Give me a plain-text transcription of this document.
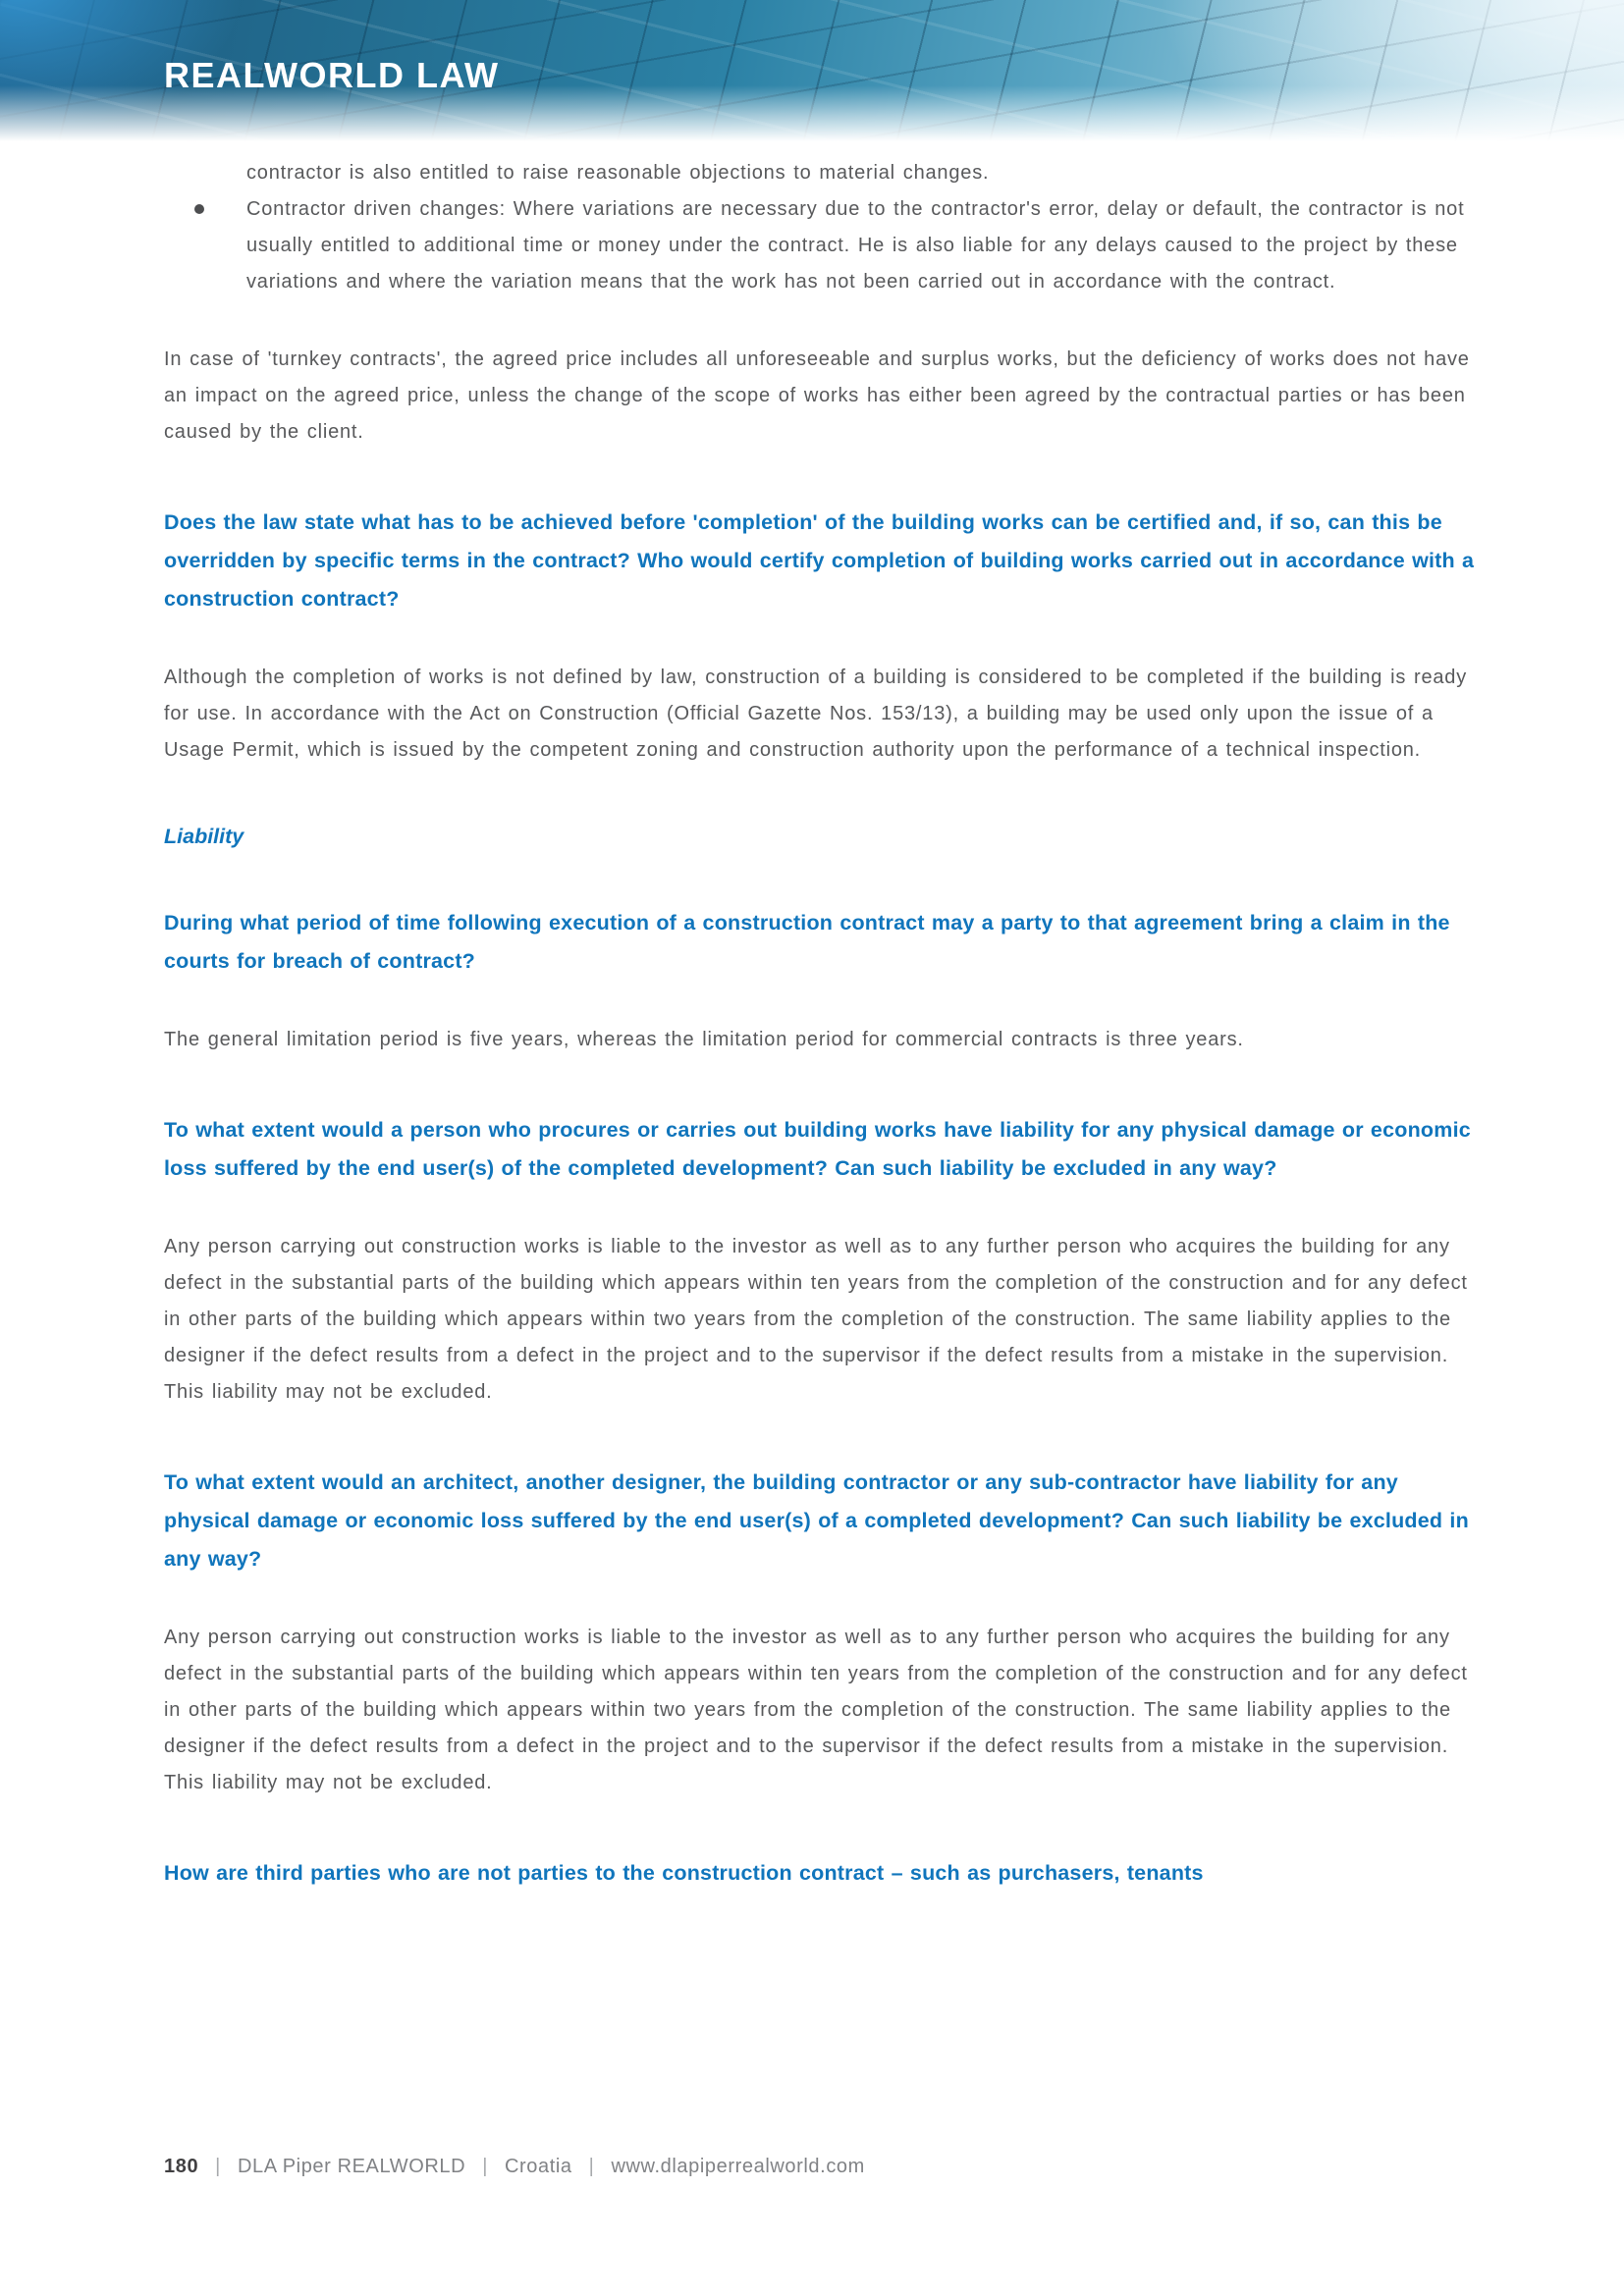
REALWORLD LAW

contractor is also entitled to raise reasonable objections to material changes.

Contractor driven changes: Where variations are necessary due to the contractor's error, delay or default, the contractor is not usually entitled to additional time or money under the contract. He is also liable for any delays caused to the project by these variations and where the variation means that the work has not been carried out in accordance with the contract.

In case of 'turnkey contracts', the agreed price includes all unforeseeable and surplus works, but the deficiency of works does not have an impact on the agreed price, unless the change of the scope of works has either been agreed by the contractual parties or has been caused by the client.

Does the law state what has to be achieved before 'completion' of the building works can be certified and, if so, can this be overridden by specific terms in the contract? Who would certify completion of building works carried out in accordance with a construction contract?

Although the completion of works is not defined by law, construction of a building is considered to be completed if the building is ready for use. In accordance with the Act on Construction (Official Gazette Nos. 153/13), a building may be used only upon the issue of a Usage Permit, which is issued by the competent zoning and construction authority upon the performance of a technical inspection.

Liability
During what period of time following execution of a construction contract may a party to that agreement bring a claim in the courts for breach of contract?

The general limitation period is five years, whereas the limitation period for commercial contracts is three years.

To what extent would a person who procures or carries out building works have liability for any physical damage or economic loss suffered by the end user(s) of the completed development? Can such liability be excluded in any way?

Any person carrying out construction works is liable to the investor as well as to any further person who acquires the building for any defect in the substantial parts of the building which appears within ten years from the completion of the construction and for any defect in other parts of the building which appears within two years from the completion of the construction. The same liability applies to the designer if the defect results from a defect in the project and to the supervisor if the defect results from a mistake in the supervision. This liability may not be excluded.

To what extent would an architect, another designer, the building contractor or any sub-contractor have liability for any physical damage or economic loss suffered by the end user(s) of a completed development? Can such liability be excluded in any way?

Any person carrying out construction works is liable to the investor as well as to any further person who acquires the building for any defect in the substantial parts of the building which appears within ten years from the completion of the construction and for any defect in other parts of the building which appears within two years from the completion of the construction. The same liability applies to the designer if the defect results from a defect in the project and to the supervisor if the defect results from a mistake in the supervision. This liability may not be excluded.

How are third parties who are not parties to the construction contract – such as purchasers, tenants
180 | DLA Piper REALWORLD | Croatia | www.dlapiperrealworld.com
